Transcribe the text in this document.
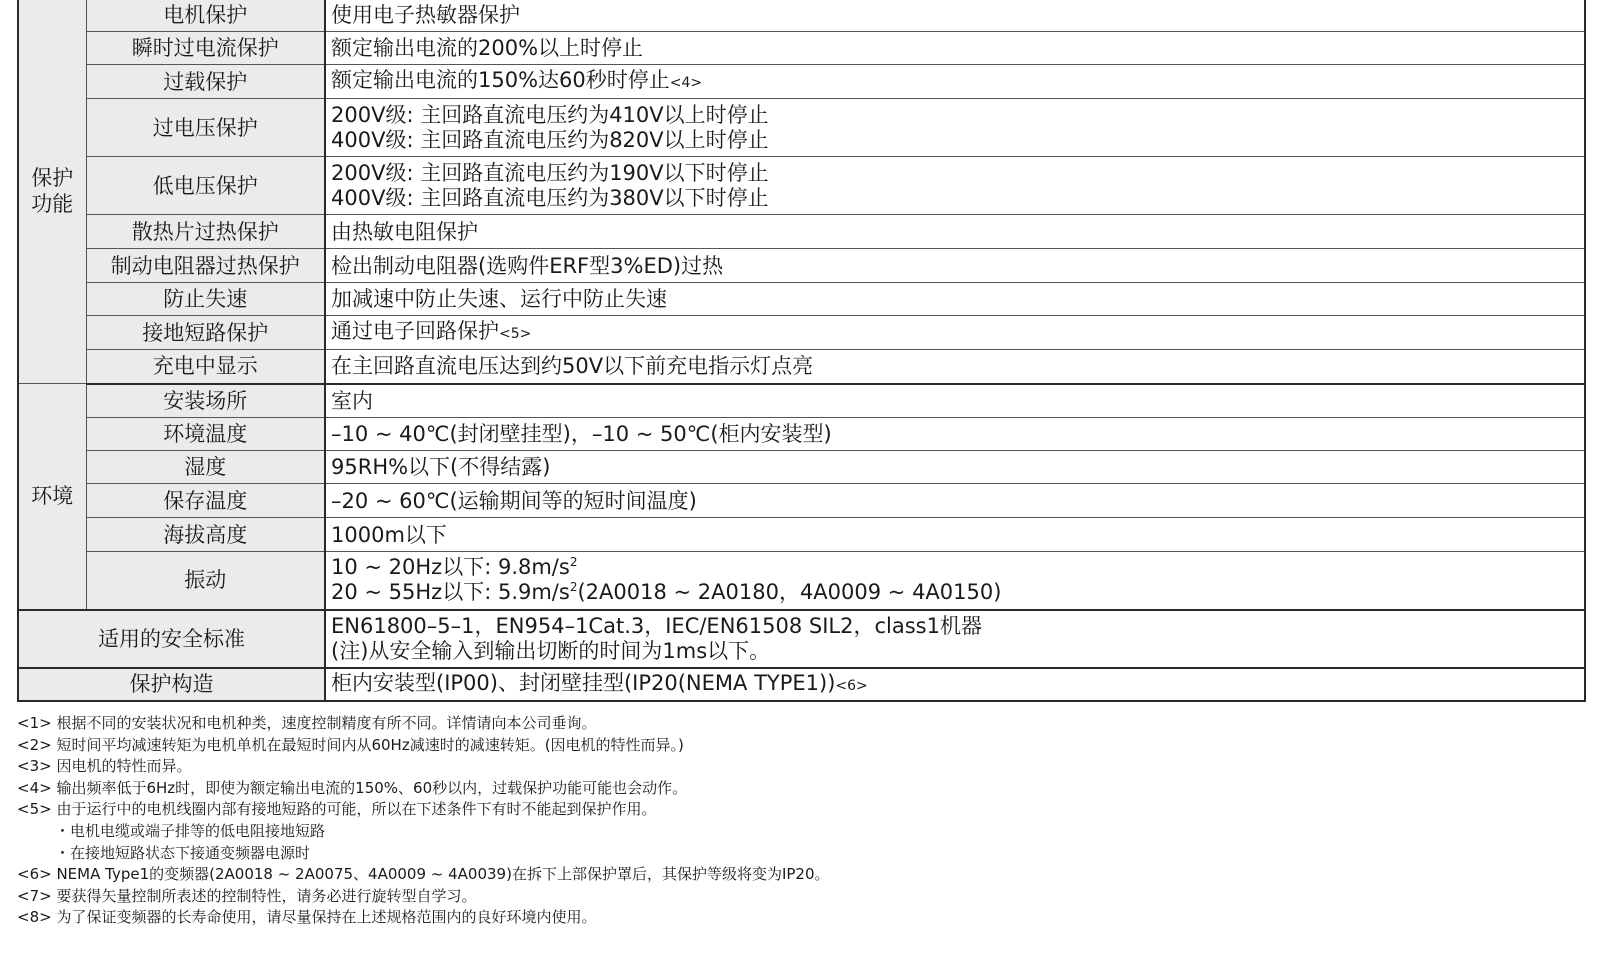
保护功能	电机保护	使用电子热敏器保护
	瞬时过电流保护	额定输出电流的200%以上时停止
	过载保护	额定输出电流的150%达60秒时停止<4>
	过电压保护	200V级: 主回路直流电压约为410V以上时停止
400V级: 主回路直流电压约为820V以上时停止

	低电压保护	200V级: 主回路直流电压约为190V以下时停止
400V级: 主回路直流电压约为380V以下时停止

	散热片过热保护	由热敏电阻保护
	制动电阻器过热保护	检出制动电阻器(选购件ERF型3%ED)过热
	防止失速	加减速中防止失速、运行中防止失速
	接地短路保护	通过电子回路保护<5>
	充电中显示	在主回路直流电压达到约50V以下前充电指示灯点亮
环境	安装场所	室内
	环境温度	–10 ~ 40℃(封闭壁挂型)，–10 ~ 50℃(柜内安装型)
	湿度	95RH%以下(不得结露)
	保存温度	–20 ~ 60℃(运输期间等的短时间温度)
	海拔高度	1000m以下
	振动	10 ~ 20Hz以下: $9.8m/s^2$
20 ~ 55Hz以下: $5.9m/s^2(2A0018$ ~ 2A0180，4A0009 ~ 4A0150)

适用的安全标准		EN61800–5–1，EN954–1Cat.3，IEC/EN61508 SIL2，class1机器
(注)从安全输入到输出切断的时间为1ms以下。

保护构造		柜内安装型(IP00)、封闭壁挂型(IP20(NEMA TYPE1))<6>
<1> 根据不同的安装状况和电机种类，速度控制精度有所不同。详情请向本公司垂询。
<2> 短时间平均减速转矩为电机单机在最短时间内从60Hz减速时的减速转矩。(因电机的特性而异。)
<3> 因电机的特性而异。
<4> 输出频率低于6Hz时，即使为额定输出电流的150%、60秒以内，过载保护功能可能也会动作。
<5> 由于运行中的电机线圈内部有接地短路的可能，所以在下述条件下有时不能起到保护作用。
・电机电缆或端子排等的低电阻接地短路
・在接地短路状态下接通变频器电源时
<6> NEMA Type1的变频器(2A0018 ~ 2A0075、4A0009 ~ 4A0039)在拆下上部保护罩后，其保护等级将变为IP20。
<7> 要获得矢量控制所表述的控制特性，请务必进行旋转型自学习。
<8> 为了保证变频器的长寿命使用，请尽量保持在上述规格范围内的良好环境内使用。
